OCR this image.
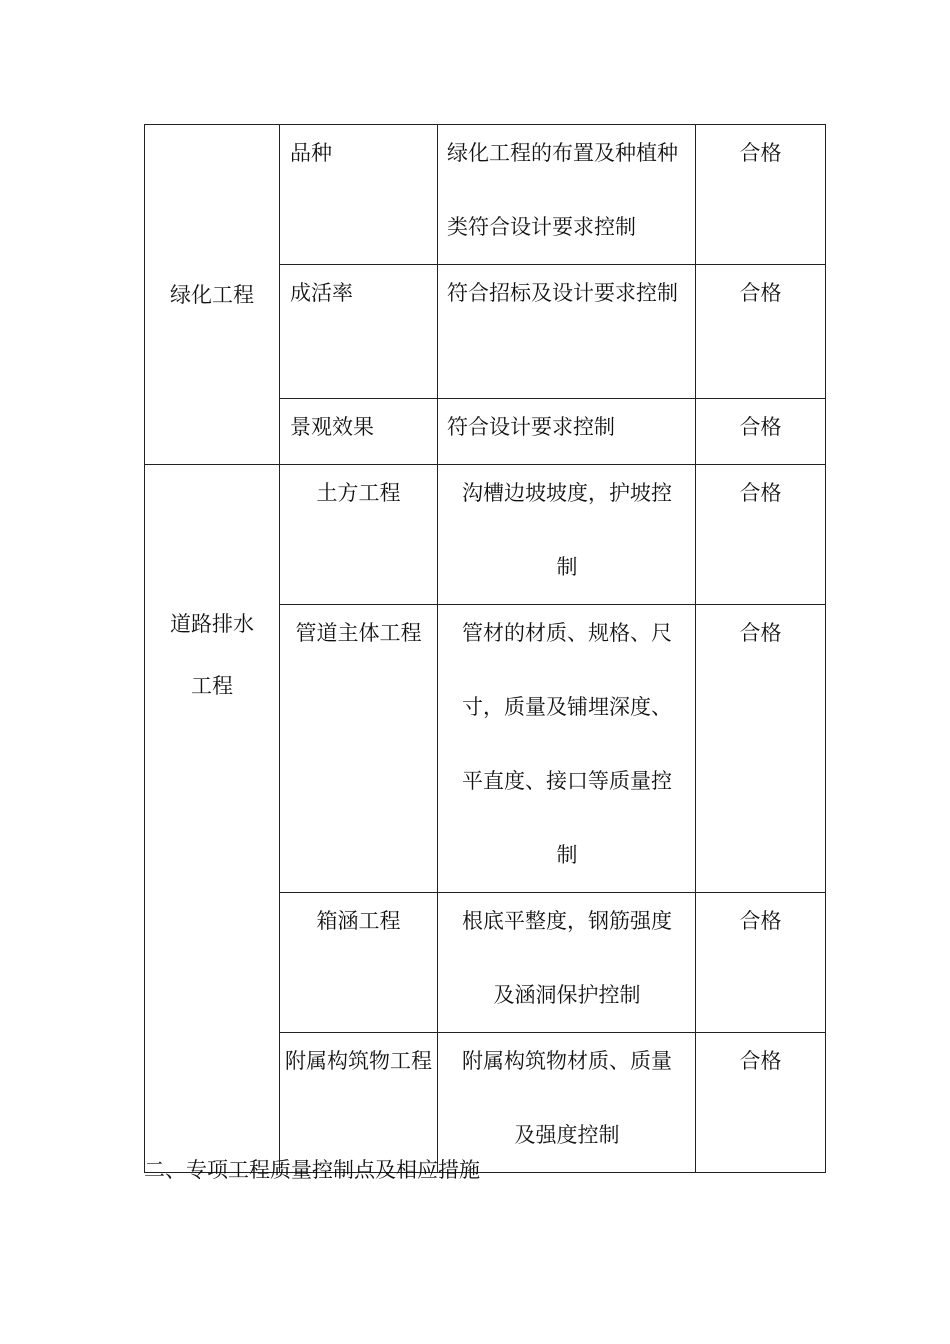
绿化工程	品种	绿化工程的布置及种植种类符合设计要求控制	合格

	成活率	符合招标及设计要求控制	合格

	景观效果	符合设计要求控制	合格

道路排水工程	土方工程	沟槽边坡坡度，护坡控制	合格

	管道主体工程	管材的材质、规格、尺寸，质量及铺埋深度、平直度、接口等质量控制	合格

	箱涵工程	根底平整度，钢筋强度及涵洞保护控制	合格

	附属构筑物工程	附属构筑物材质、质量及强度控制	合格

二、专项工程质量控制点及相应措施
